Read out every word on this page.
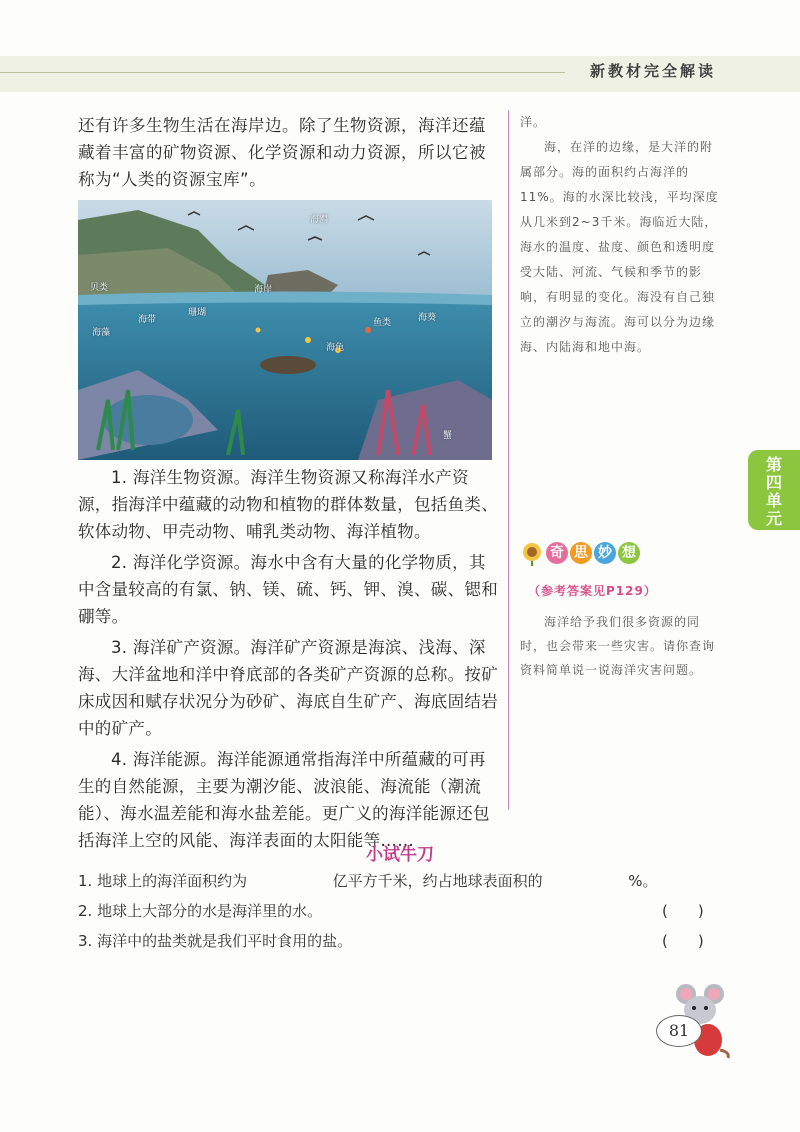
新教材完全解读

还有许多生物生活在海岸边。除了生物资源，海洋还蕴藏着丰富的矿物资源、化学资源和动力资源，所以它被称为“人类的资源宝库”。

海鸥
海岸
贝类
海带
珊瑚
海藻
鱼类
海龟
蟹
海葵

1. 海洋生物资源。海洋生物资源又称海洋水产资源，指海洋中蕴藏的动物和植物的群体数量，包括鱼类、软体动物、甲壳动物、哺乳类动物、海洋植物。

2. 海洋化学资源。海水中含有大量的化学物质，其中含量较高的有氯、钠、镁、硫、钙、钾、溴、碳、锶和硼等。

3. 海洋矿产资源。海洋矿产资源是海滨、浅海、深海、大洋盆地和洋中脊底部的各类矿产资源的总称。按矿床成因和赋存状况分为砂矿、海底自生矿产、海底固结岩中的矿产。

4. 海洋能源。海洋能源通常指海洋中所蕴藏的可再生的自然能源，主要为潮汐能、波浪能、海流能（潮流能）、海水温差能和海水盐差能。更广义的海洋能源还包括海洋上空的风能、海洋表面的太阳能等……

洋。

海，在洋的边缘，是大洋的附属部分。海的面积约占海洋的11%。海的水深比较浅，平均深度从几米到2~3千米。海临近大陆，海水的温度、盐度、颜色和透明度受大陆、河流、气候和季节的影响，有明显的变化。海没有自己独立的潮汐与海流。海可以分为边缘海、内陆海和地中海。

第
四
单
元
奇 思 妙 想
（参考答案见P129）
海洋给予我们很多资源的同时，也会带来一些灾害。请你查询资料简单说一说海洋灾害问题。
小试牛刀
1. 地球上的海洋面积约为	亿平方千米，约占地球表面积的	%。
2. 地球上大部分的水是海洋里的水。	(　　)
3. 海洋中的盐类就是我们平时食用的盐。	(　　)
81
